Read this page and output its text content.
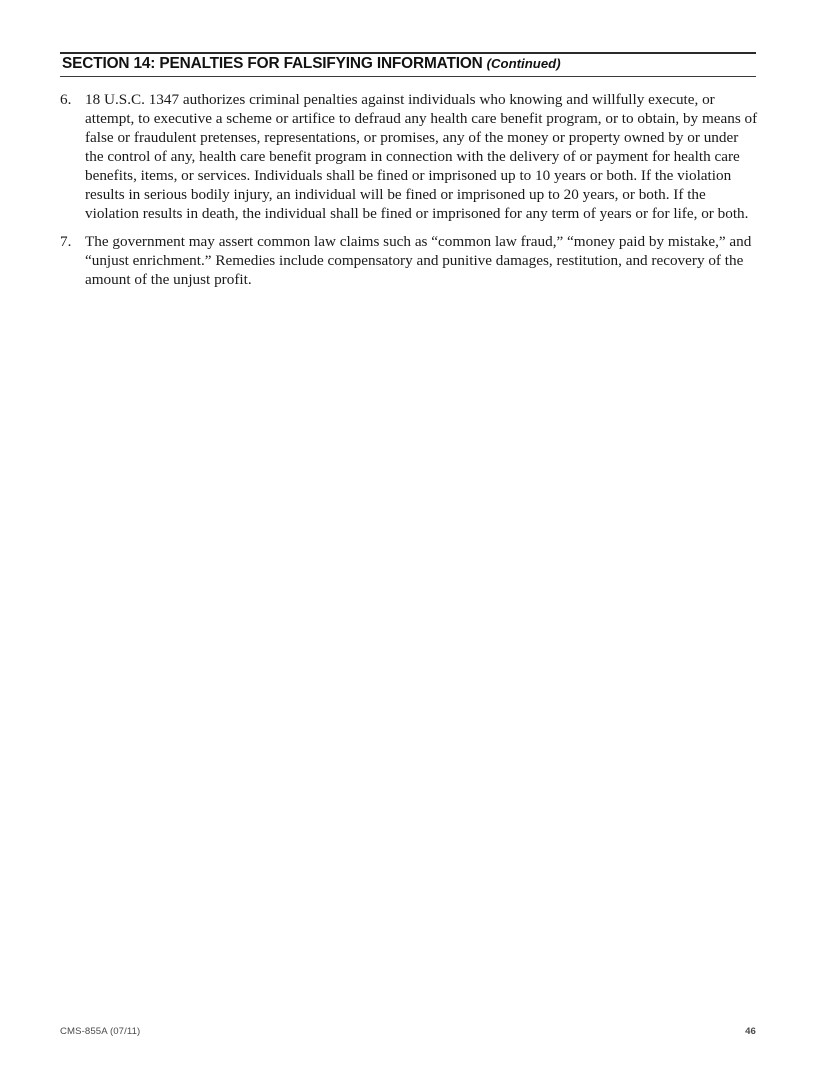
SECTION 14: PENALTIES FOR FALSIFYING INFORMATION (Continued)
6. 18 U.S.C. 1347 authorizes criminal penalties against individuals who knowing and willfully execute, or attempt, to executive a scheme or artifice to defraud any health care benefit program, or to obtain, by means of false or fraudulent pretenses, representations, or promises, any of the money or property owned by or under the control of any, health care benefit program in connection with the delivery of or payment for health care benefits, items, or services. Individuals shall be fined or imprisoned up to 10 years or both. If the violation results in serious bodily injury, an individual will be fined or imprisoned up to 20 years, or both. If the violation results in death, the individual shall be fined or imprisoned for any term of years or for life, or both.
7. The government may assert common law claims such as “common law fraud,” “money paid by mistake,” and “unjust enrichment.” Remedies include compensatory and punitive damages, restitution, and recovery of the amount of the unjust profit.
CMS-855A (07/11)	46
